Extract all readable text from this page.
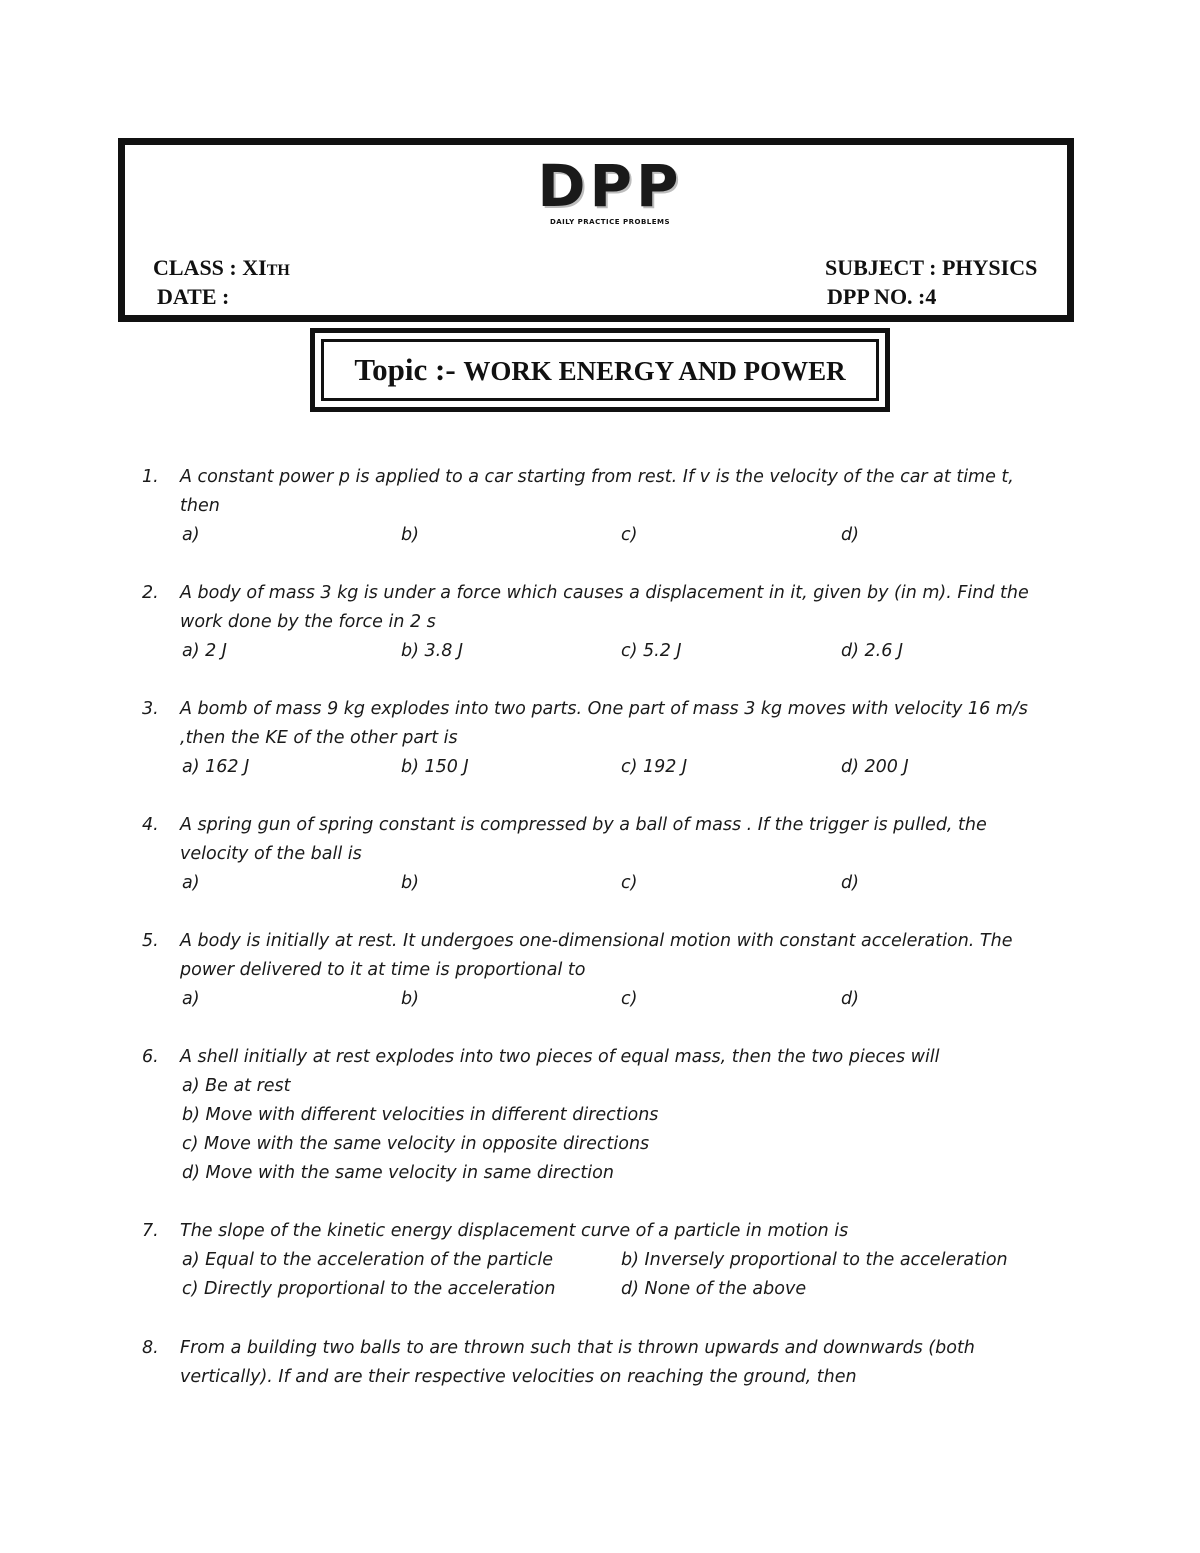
DPP
DAILY PRACTICE PROBLEMS
CLASS : XITH
DATE :
SUBJECT : PHYSICS
DPP NO. :4
Topic :- WORK ENERGY AND POWER
1. A constant power p is applied to a car starting from rest. If v is the velocity of the car at time t,
then
a)	b)	c)	d)
2. A body of mass 3 kg is under a force which causes a displacement in it, given by (in m). Find the
work done by the force in 2 s
a) 2 J	b) 3.8 J	c) 5.2 J	d) 2.6 J
3. A bomb of mass 9 kg explodes into two parts. One part of mass 3 kg moves with velocity 16 m/s
,then the KE of the other part is
a) 162 J	b) 150 J	c) 192 J	d) 200 J
4. A spring gun of spring constant is compressed by a ball of mass . If the trigger is pulled, the
velocity of the ball is
a)	b)	c)	d)
5. A body is initially at rest. It undergoes one-dimensional motion with constant acceleration. The
power delivered to it at time is proportional to
a)	b)	c)	d)
6. A shell initially at rest explodes into two pieces of equal mass, then the two pieces will
a) Be at rest
b) Move with different velocities in different directions
c) Move with the same velocity in opposite directions
d) Move with the same velocity in same direction
7. The slope of the kinetic energy displacement curve of a particle in motion is
a) Equal to the acceleration of the particle	b) Inversely proportional to the acceleration
c) Directly proportional to the acceleration	d) None of the above
8. From a building two balls to are thrown such that is thrown upwards and downwards (both
vertically). If and are their respective velocities on reaching the ground, then
